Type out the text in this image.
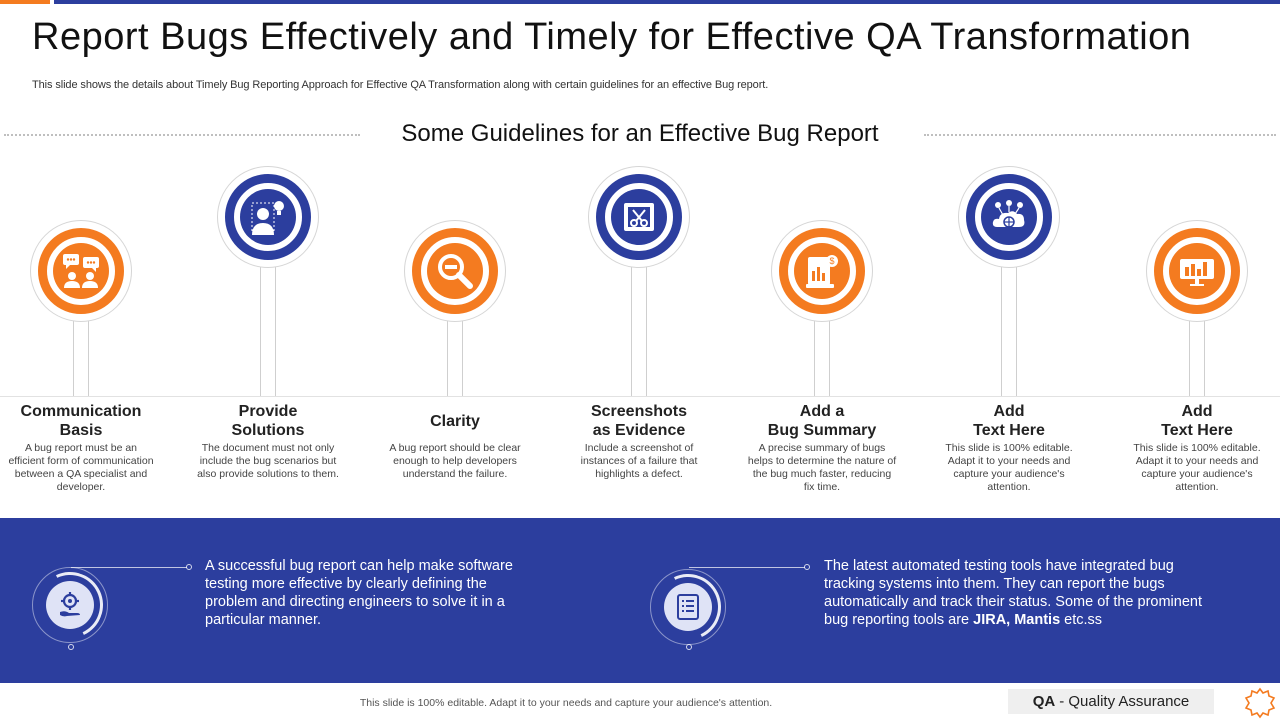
Report Bugs Effectively and Timely for Effective QA Transformation
This slide shows the details about Timely Bug Reporting Approach for Effective QA Transformation along with certain guidelines for an effective Bug report.
Some Guidelines for an Effective Bug Report
Communication
Basis
A bug report must be an efficient form of communication between a QA specialist and developer.
Provide
Solutions
The document must not only include the bug scenarios but also provide solutions to them.
Clarity
A bug report should be clear enough to help developers understand the failure.
Screenshots
as Evidence
Include a screenshot of instances of a failure that highlights a defect.
$
Add a
Bug Summary
A precise summary of bugs helps to determine the nature of the bug much faster, reducing fix time.
Add
Text Here
This slide is 100% editable. Adapt it to your needs and capture your audience's attention.
Add
Text Here
This slide is 100% editable. Adapt it to your needs and capture your audience's attention.
A successful bug report can help make software testing more effective by clearly defining the problem and directing engineers to solve it in a particular manner.
The latest automated testing tools have integrated bug tracking systems into them. They can report the bugs automatically and track their status. Some of the prominent bug reporting tools are JIRA, Mantis etc.ss
This slide is 100% editable. Adapt it to your needs and capture your audience's attention.	QA - Quality Assurance
